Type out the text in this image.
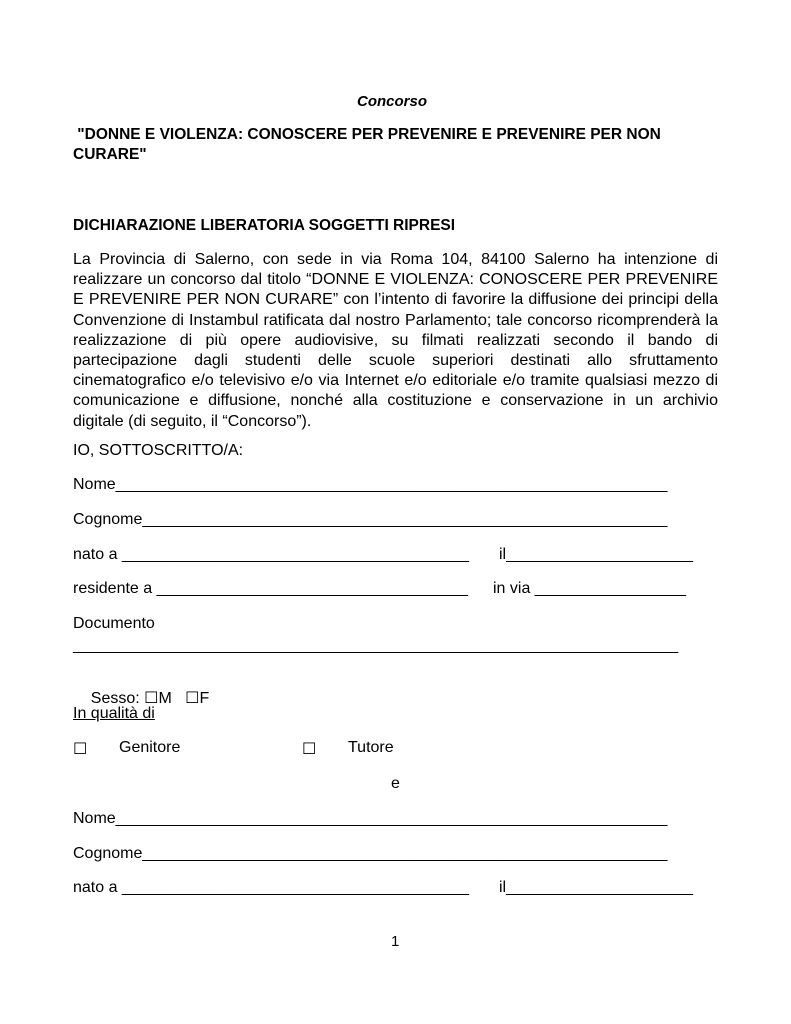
Concorso
"DONNE E VIOLENZA: CONOSCERE PER PREVENIRE E PREVENIRE PER NON
CURARE"
DICHIARAZIONE LIBERATORIA SOGGETTI RIPRESI
La Provincia di Salerno, con sede in via Roma 104, 84100 Salerno ha intenzione di realizzare un concorso dal titolo “DONNE E VIOLENZA: CONOSCERE PER PREVENIRE E PREVENIRE PER NON CURARE” con l’intento di favorire la diffusione dei principi della Convenzione di Instambul ratificata dal nostro Parlamento; tale concorso ricomprenderà la realizzazione di più opere audiovisive, su filmati realizzati secondo il bando di partecipazione dagli studenti delle scuole superiori destinati allo sfruttamento cinematografico e/o televisivo e/o via Internet e/o editoriale e/o tramite qualsiasi mezzo di comunicazione e diffusione, nonché alla costituzione e conservazione in un archivio digitale (di seguito, il “Concorso”).
IO, SOTTOSCRITTO/A:
Nome______________________________________________________________
Cognome___________________________________________________________
nato a _______________________________________ il_____________________
residente a ___________________________________ in via _________________
Documento
____________________________________________________________________

Sesso: ☐M ☐F

In qualità di
☐ Genitore	☐ Tutore
e
Nome______________________________________________________________
Cognome___________________________________________________________
nato a _______________________________________ il_____________________
1
